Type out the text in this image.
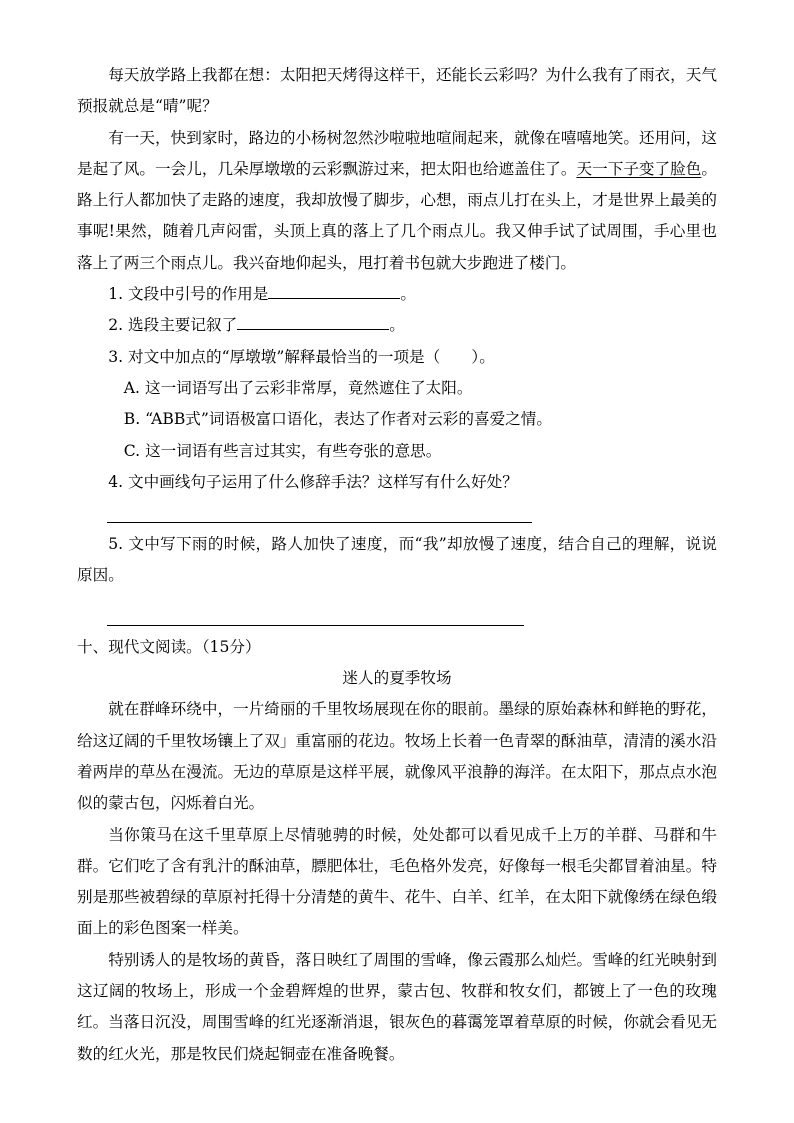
每天放学路上我都在想：太阳把天烤得这样干，还能长云彩吗？为什么我有了雨衣，天气预报就总是“晴”呢？

有一天，快到家时，路边的小杨树忽然沙啦啦地喧闹起来，就像在嘻嘻地笑。还用问，这是起了风。一会儿，几朵厚墩墩的云彩飘游过来，把太阳也给遮盖住了。天一下子变了脸色。路上行人都加快了走路的速度，我却放慢了脚步，心想，雨点儿打在头上，才是世界上最美的事呢!果然，随着几声闷雷，头顶上真的落上了几个雨点儿。我又伸手试了试周围，手心里也落上了两三个雨点儿。我兴奋地仰起头，甩打着书包就大步跑进了楼门。

1. 文段中引号的作用是	。

2. 选段主要记叙了	。

3. 对文中加点的“厚墩墩”解释最恰当的一项是（　　）。

A. 这一词语写出了云彩非常厚，竟然遮住了太阳。

B. “ABB式”词语极富口语化，表达了作者对云彩的喜爱之情。

C. 这一词语有些言过其实，有些夸张的意思。

4. 文中画线句子运用了什么修辞手法？这样写有什么好处？

5. 文中写下雨的时候，路人加快了速度，而“我”却放慢了速度，结合自己的理解，说说原因。

十、现代文阅读。（15分）

迷人的夏季牧场

就在群峰环绕中，一片绮丽的千里牧场展现在你的眼前。墨绿的原始森林和鲜艳的野花，给这辽阔的千里牧场镶上了双」重富丽的花边。牧场上长着一色青翠的酥油草，清清的溪水沿着两岸的草丛在漫流。无边的草原是这样平展，就像风平浪静的海洋。在太阳下，那点点水泡似的蒙古包，闪烁着白光。

当你策马在这千里草原上尽情驰骋的时候，处处都可以看见成千上万的羊群、马群和牛群。它们吃了含有乳汁的酥油草，膘肥体壮，毛色格外发亮，好像每一根毛尖都冒着油星。特别是那些被碧绿的草原衬托得十分清楚的黄牛、花牛、白羊、红羊，在太阳下就像绣在绿色缎面上的彩色图案一样美。

特别诱人的是牧场的黄昏，落日映红了周围的雪峰，像云霞那么灿烂。雪峰的红光映射到这辽阔的牧场上，形成一个金碧辉煌的世界，蒙古包、牧群和牧女们，都镀上了一色的玫瑰红。当落日沉没，周围雪峰的红光逐渐消退，银灰色的暮霭笼罩着草原的时候，你就会看见无数的红火光，那是牧民们烧起铜壶在准备晚餐。
